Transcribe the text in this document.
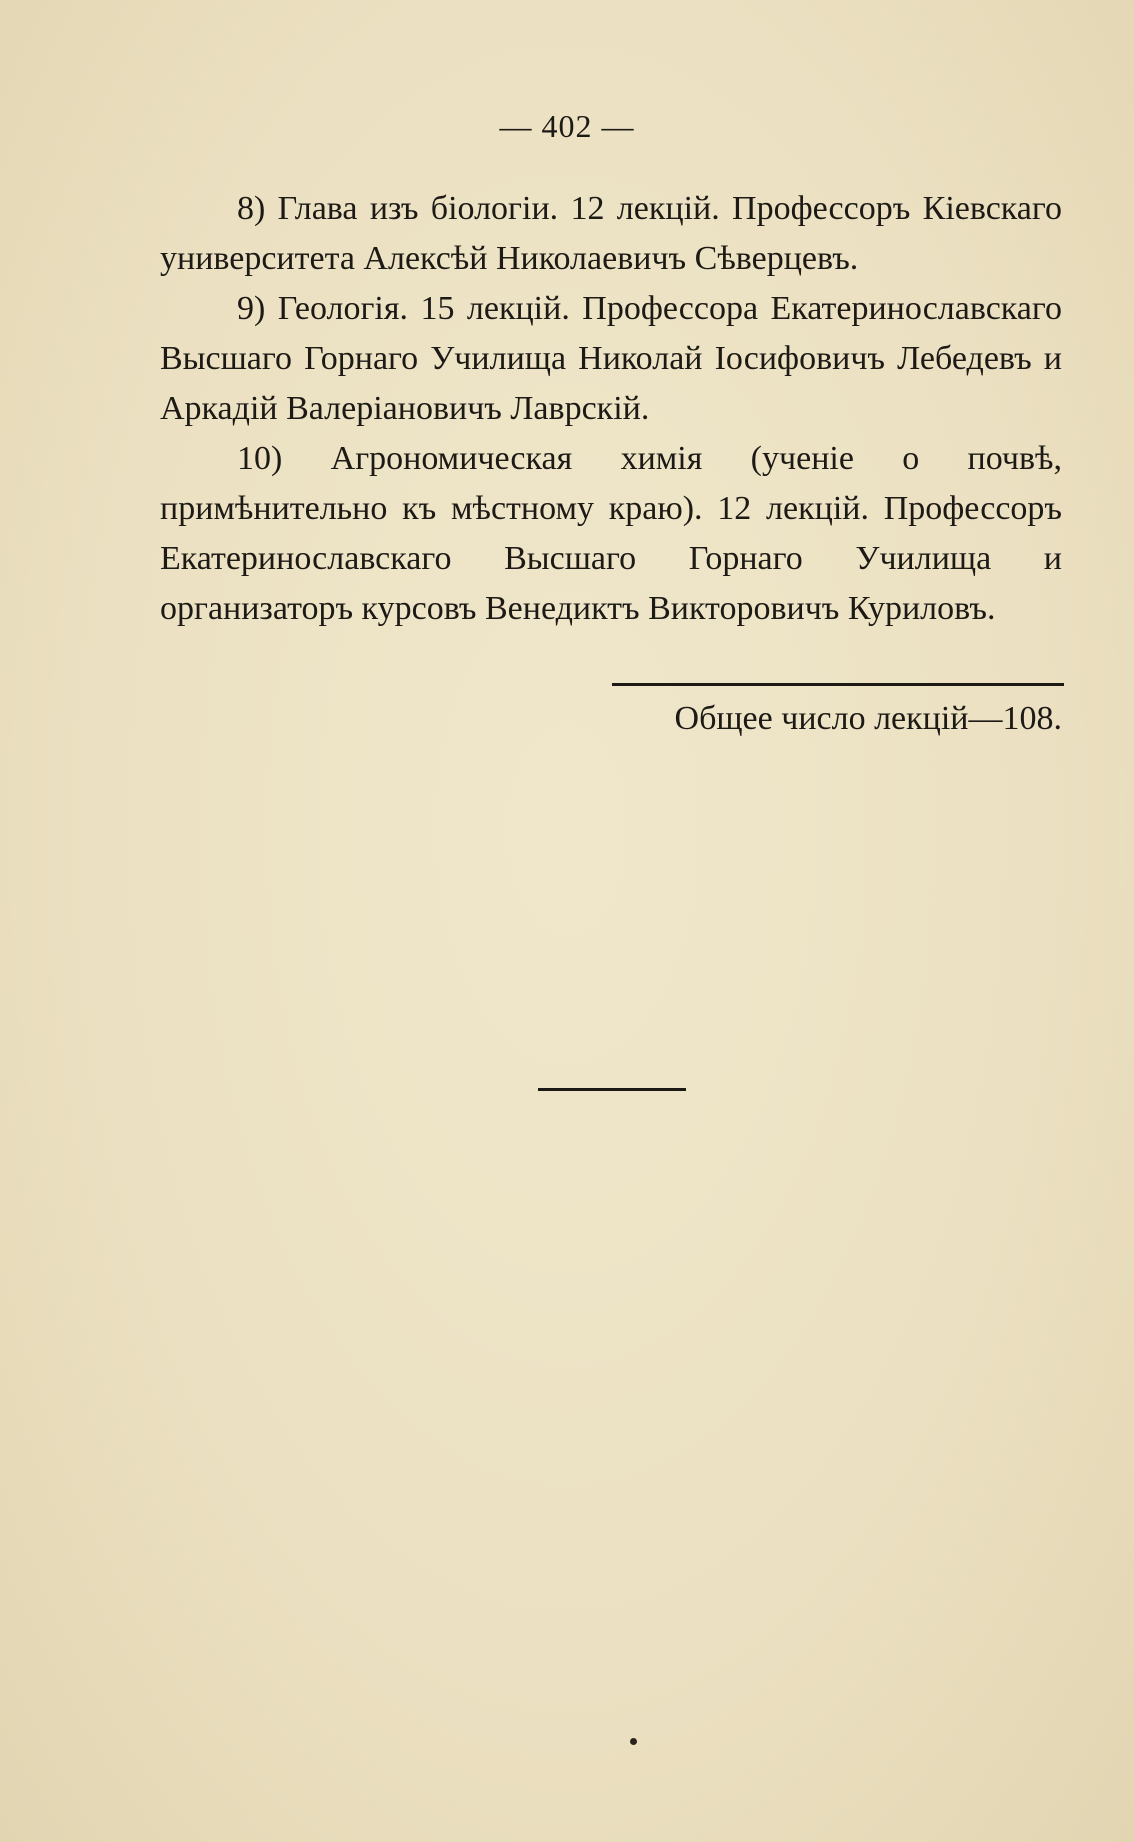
— 402 —

8) Глава изъ біологіи. 12 лекцій. Профессоръ Кіевскаго университета Алексѣй Николаевичъ Сѣверцевъ.

9) Геологія. 15 лекцій. Профессора Екатеринославскаго Высшаго Горнаго Училища Николай Іосифовичъ Лебедевъ и Аркадій Валеріановичъ Лаврскій.

10) Агрономическая химія (ученіе о почвѣ, примѣнительно къ мѣстному краю). 12 лекцій. Профессоръ Екатеринославскаго Высшаго Горнаго Училища и организаторъ курсовъ Венедиктъ Викторовичъ Куриловъ.

Общее число лекцій—108.
